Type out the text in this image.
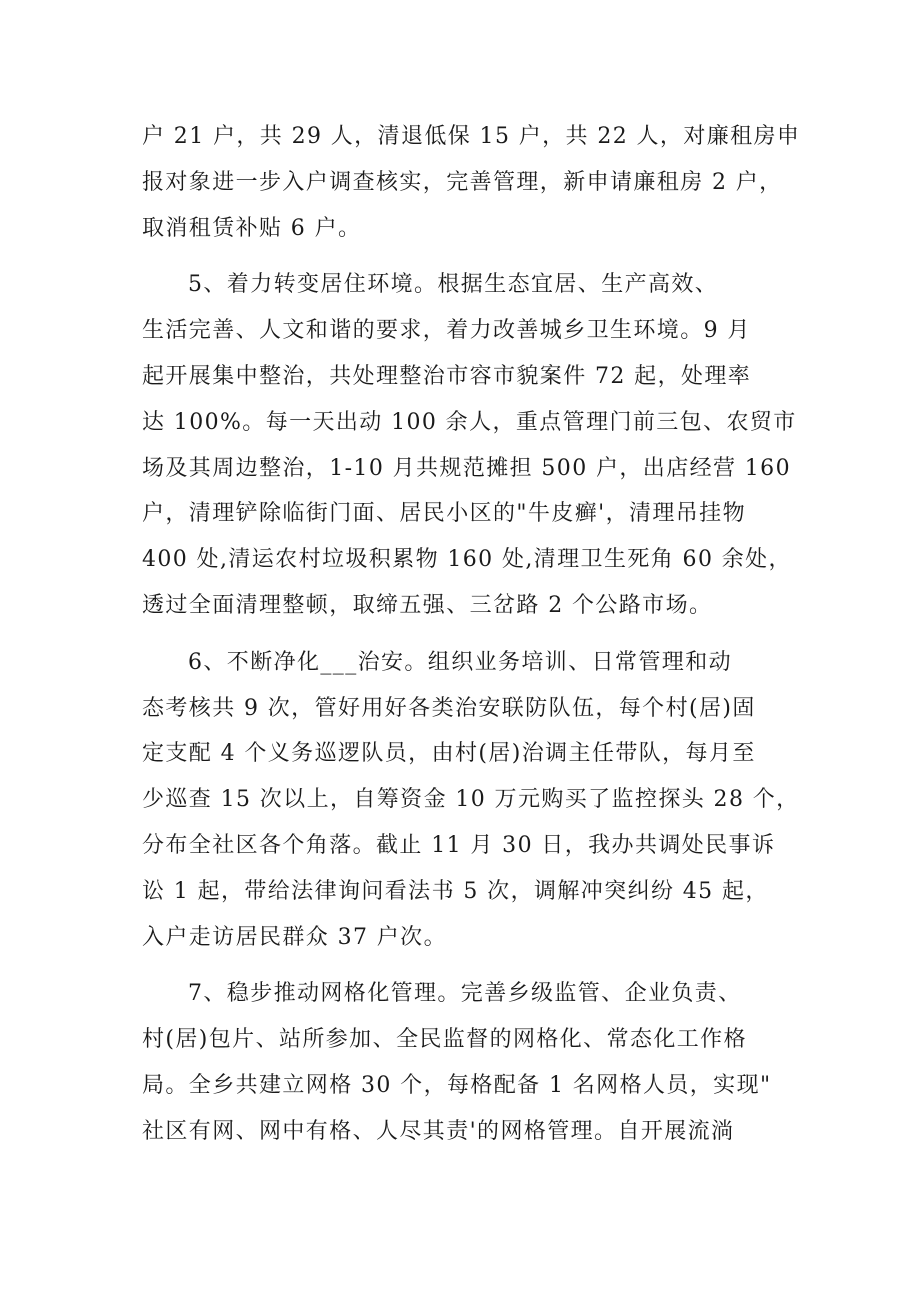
户 21 户，共 29 人，清退低保 15 户，共 22 人，对廉租房申
报对象进一步入户调查核实，完善管理，新申请廉租房 2 户，
取消租赁补贴 6 户。
5、着力转变居住环境。根据生态宜居、生产高效、
生活完善、人文和谐的要求，着力改善城乡卫生环境。9 月
起开展集中整治，共处理整治市容市貌案件 72 起，处理率
达 100%。每一天出动 100 余人，重点管理门前三包、农贸市
场及其周边整治，1-10 月共规范摊担 500 户，出店经营 160
户，清理铲除临街门面、居民小区的"牛皮癣'，清理吊挂物
400 处,清运农村垃圾积累物 160 处,清理卫生死角 60 余处，
透过全面清理整顿，取缔五强、三岔路 2 个公路市场。
6、不断净化___治安。组织业务培训、日常管理和动
态考核共 9 次，管好用好各类治安联防队伍，每个村(居)固
定支配 4 个义务巡逻队员，由村(居)治调主任带队，每月至
少巡查 15 次以上，自筹资金 10 万元购买了监控探头 28 个，
分布全社区各个角落。截止 11 月 30 日，我办共调处民事诉
讼 1 起，带给法律询问看法书 5 次，调解冲突纠纷 45 起，
入户走访居民群众 37 户次。
7、稳步推动网格化管理。完善乡级监管、企业负责、
村(居)包片、站所参加、全民监督的网格化、常态化工作格
局。全乡共建立网格 30 个，每格配备 1 名网格人员，实现"
社区有网、网中有格、人尽其责'的网格管理。自开展流淌
